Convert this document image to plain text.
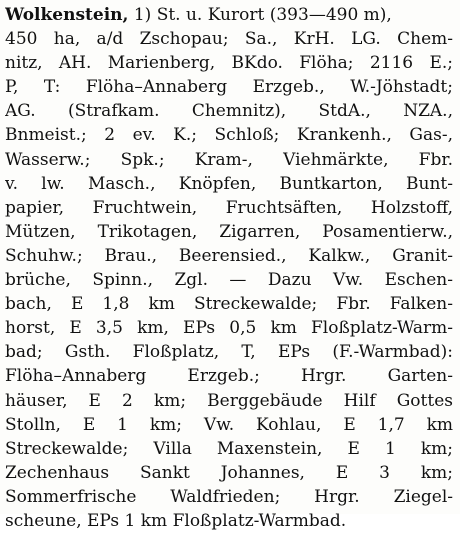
Wolkenstein, 1) St. u. Kurort (393—490 m),
450 ha, a/d Zschopau; Sa., KrH. LG. Chem-
nitz, AH. Marienberg, BKdo. Flöha; 2116 E.;
P, T: Flöha–Annaberg Erzgeb., W.-Jöhstadt;
AG. (Strafkam. Chemnitz), StdA., NZA.,
Bnmeist.; 2 ev. K.; Schloß; Krankenh., Gas-,
Wasserw.; Spk.; Kram-, Viehmärkte, Fbr.
v. lw. Masch., Knöpfen, Buntkarton, Bunt-
papier, Fruchtwein, Fruchtsäften, Holzstoff,
Mützen, Trikotagen, Zigarren, Posamentierw.,
Schuhw.; Brau., Beerensied., Kalkw., Granit-
brüche, Spinn., Zgl. — Dazu Vw. Eschen-
bach, E 1,8 km Streckewalde; Fbr. Falken-
horst, E 3,5 km, EPs 0,5 km Floßplatz-Warm-
bad; Gsth. Floßplatz, T, EPs (F.-Warmbad):
Flöha–Annaberg Erzgeb.; Hrgr. Garten-
häuser, E 2 km; Berggebäude Hilf Gottes
Stolln, E 1 km; Vw. Kohlau, E 1,7 km
Streckewalde; Villa Maxenstein, E 1 km;
Zechenhaus Sankt Johannes, E 3 km;
Sommerfrische Waldfrieden; Hrgr. Ziegel-
scheune, EPs 1 km Floßplatz-Warmbad.
